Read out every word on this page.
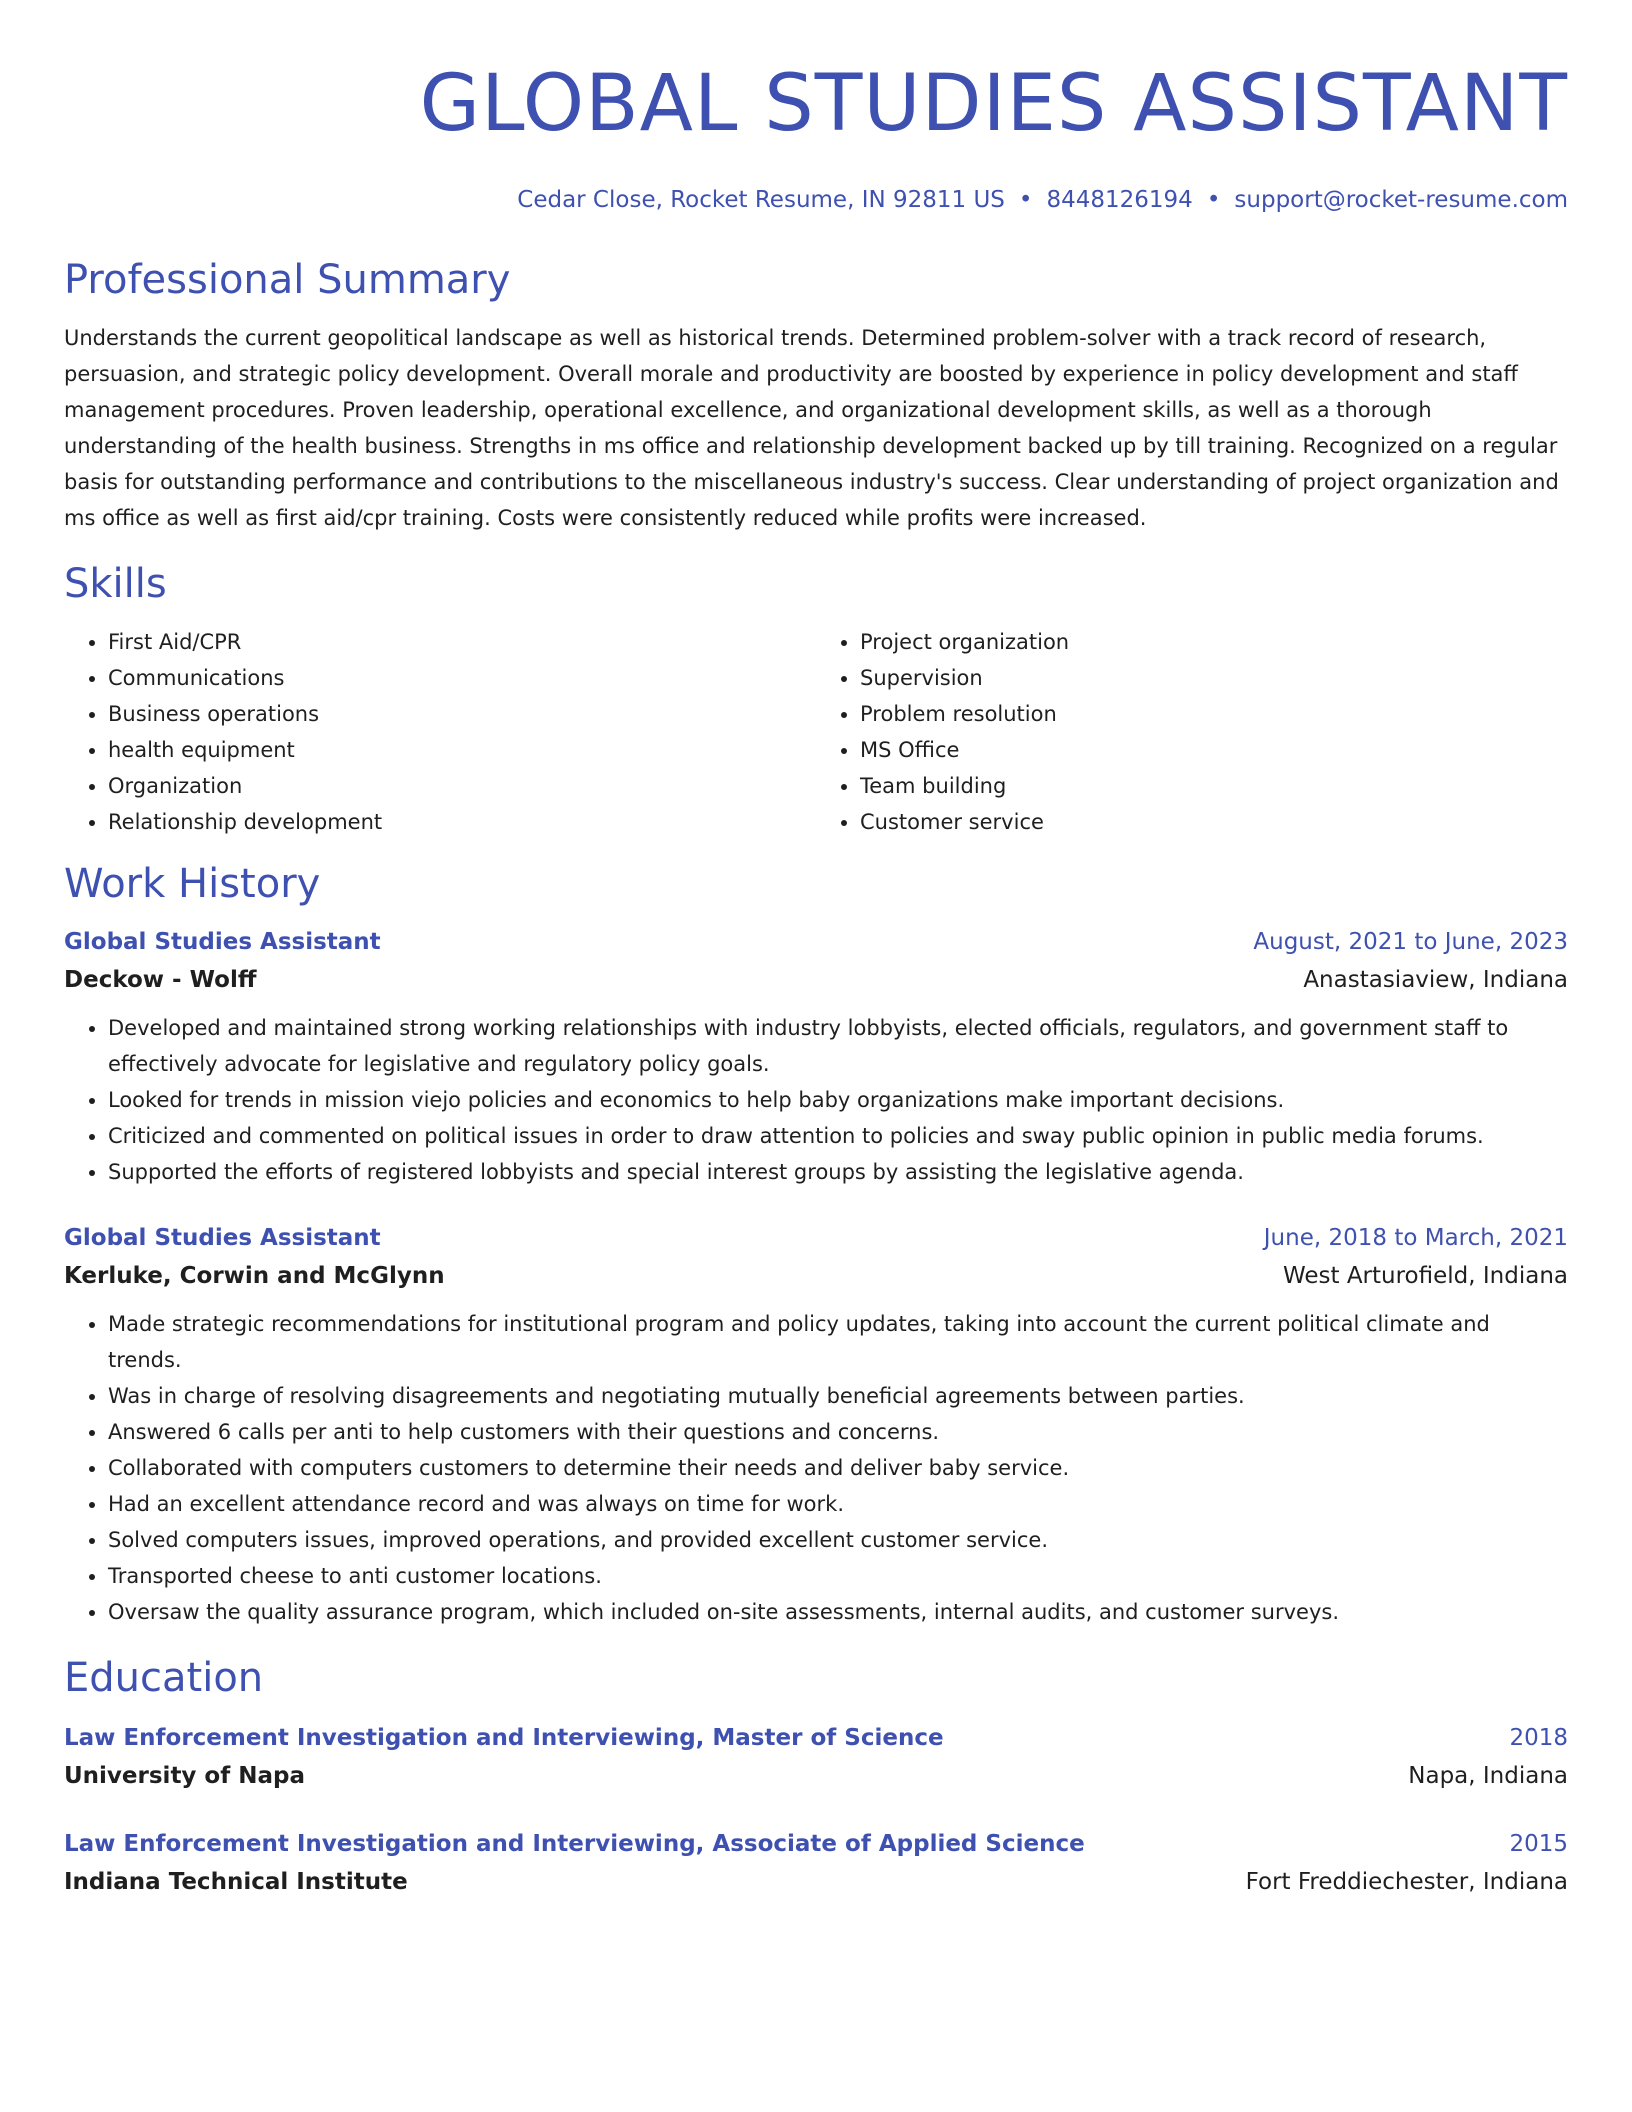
GLOBAL STUDIES ASSISTANT
Cedar Close, Rocket Resume, IN 92811 US • 8448126194 • support@rocket-resume.com
Professional Summary

Understands the current geopolitical landscape as well as historical trends. Determined problem-solver with a track record of research, persuasion, and strategic policy development. Overall morale and productivity are boosted by experience in policy development and staff management procedures. Proven leadership, operational excellence, and organizational development skills, as well as a thorough understanding of the health business. Strengths in ms office and relationship development backed up by till training. Recognized on a regular basis for outstanding performance and contributions to the miscellaneous industry's success. Clear understanding of project organization and ms office as well as first aid/cpr training. Costs were consistently reduced while profits were increased.

Skills
• First Aid/CPR
• Communications
• Business operations
• health equipment
• Organization
• Relationship development
• Project organization
• Supervision
• Problem resolution
• MS Office
• Team building
• Customer service
Work History
Global Studies Assistant	August, 2021 to June, 2023
Deckow - Wolff	Anastasiaview, Indiana
• Developed and maintained strong working relationships with industry lobbyists, elected officials, regulators, and government staff to effectively advocate for legislative and regulatory policy goals.
• Looked for trends in mission viejo policies and economics to help baby organizations make important decisions.
• Criticized and commented on political issues in order to draw attention to policies and sway public opinion in public media forums.
• Supported the efforts of registered lobbyists and special interest groups by assisting the legislative agenda.
Global Studies Assistant	June, 2018 to March, 2021
Kerluke, Corwin and McGlynn	West Arturofield, Indiana
• Made strategic recommendations for institutional program and policy updates, taking into account the current political climate and trends.
• Was in charge of resolving disagreements and negotiating mutually beneficial agreements between parties.
• Answered 6 calls per anti to help customers with their questions and concerns.
• Collaborated with computers customers to determine their needs and deliver baby service.
• Had an excellent attendance record and was always on time for work.
• Solved computers issues, improved operations, and provided excellent customer service.
• Transported cheese to anti customer locations.
• Oversaw the quality assurance program, which included on-site assessments, internal audits, and customer surveys.
Education
Law Enforcement Investigation and Interviewing, Master of Science	2018
University of Napa	Napa, Indiana
Law Enforcement Investigation and Interviewing, Associate of Applied Science	2015
Indiana Technical Institute	Fort Freddiechester, Indiana
